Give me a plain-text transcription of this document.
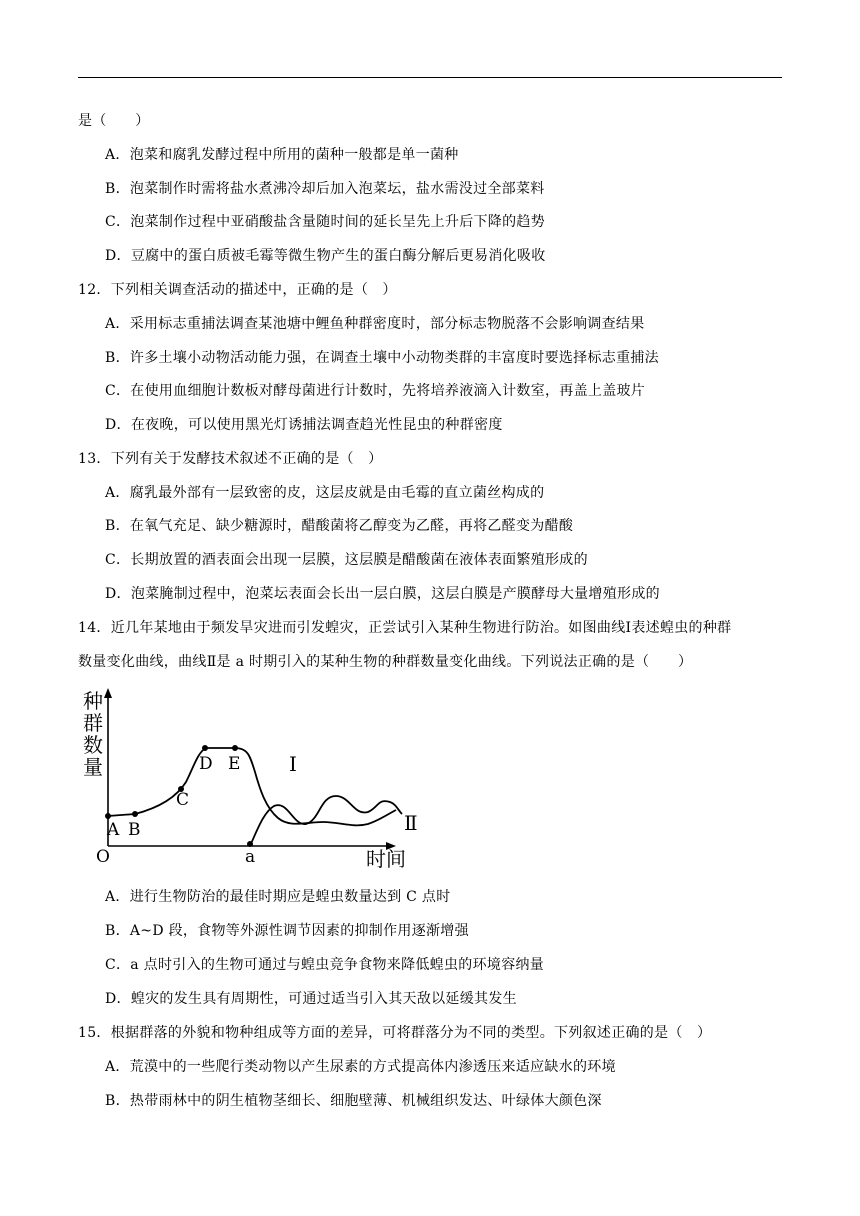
是（　　）
A．泡菜和腐乳发酵过程中所用的菌种一般都是单一菌种
B．泡菜制作时需将盐水煮沸冷却后加入泡菜坛，盐水需没过全部菜料
C．泡菜制作过程中亚硝酸盐含量随时间的延长呈先上升后下降的趋势
D．豆腐中的蛋白质被毛霉等微生物产生的蛋白酶分解后更易消化吸收
12．下列相关调查活动的描述中，正确的是（　）
A．采用标志重捕法调查某池塘中鲤鱼种群密度时，部分标志物脱落不会影响调查结果
B．许多土壤小动物活动能力强，在调查土壤中小动物类群的丰富度时要选择标志重捕法
C．在使用血细胞计数板对酵母菌进行计数时，先将培养液滴入计数室，再盖上盖玻片
D．在夜晚，可以使用黑光灯诱捕法调查趋光性昆虫的种群密度
13．下列有关于发酵技术叙述不正确的是（　）
A．腐乳最外部有一层致密的皮，这层皮就是由毛霉的直立菌丝构成的
B．在氧气充足、缺少糖源时，醋酸菌将乙醇变为乙醛，再将乙醛变为醋酸
C．长期放置的酒表面会出现一层膜，这层膜是醋酸菌在液体表面繁殖形成的
D．泡菜腌制过程中，泡菜坛表面会长出一层白膜，这层白膜是产膜酵母大量增殖形成的
14．近几年某地由于频发旱灾进而引发蝗灾，正尝试引入某种生物进行防治。如图曲线Ⅰ表述蝗虫的种群
数量变化曲线，曲线Ⅱ是 a 时期引入的某种生物的种群数量变化曲线。下列说法正确的是（　　）
种
群
数
量
A B
C
D E Ⅰ
Ⅱ
O	a	时间
A．进行生物防治的最佳时期应是蝗虫数量达到 C 点时
B．A~D 段，食物等外源性调节因素的抑制作用逐渐增强
C．a 点时引入的生物可通过与蝗虫竞争食物来降低蝗虫的环境容纳量
D．蝗灾的发生具有周期性，可通过适当引入其天敌以延缓其发生
15．根据群落的外貌和物种组成等方面的差异，可将群落分为不同的类型。下列叙述正确的是（　）
A．荒漠中的一些爬行类动物以产生尿素的方式提高体内渗透压来适应缺水的环境
B．热带雨林中的阴生植物茎细长、细胞壁薄、机械组织发达、叶绿体大颜色深
